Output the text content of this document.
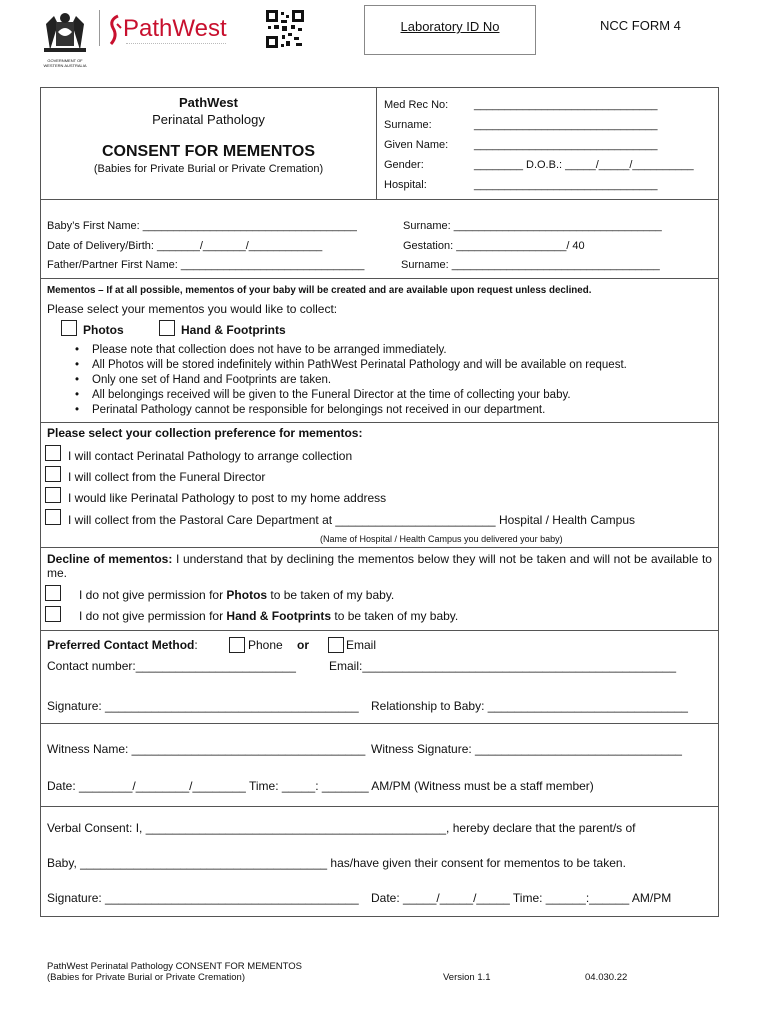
GOVERNMENT OF
WESTERN AUSTRALIA
PathWest	Laboratory ID No	NCC FORM 4
PathWest
Perinatal Pathology
CONSENT FOR MEMENTOS
(Babies for Private Burial or Private Cremation)
Med Rec No: ______________________________
Surname:	______________________________
Given Name: ______________________________
Gender:	________ D.O.B.: _____/_____/__________
Hospital:	______________________________
Baby’s First Name: ___________________________________	Surname: __________________________________
Date of Delivery/Birth: _______/_______/____________	Gestation: __________________/ 40
Father/Partner First Name: ______________________________	Surname: __________________________________
Mementos – If at all possible, mementos of your baby will be created and are available upon request unless declined.
Please select your mementos you would like to collect:
Photos	Hand & Footprints
• Please note that collection does not have to be arranged immediately.
• All Photos will be stored indefinitely within PathWest Perinatal Pathology and will be available on request.
• Only one set of Hand and Footprints are taken.
• All belongings received will be given to the Funeral Director at the time of collecting your baby.
• Perinatal Pathology cannot be responsible for belongings not received in our department.
Please select your collection preference for mementos:
I will contact Perinatal Pathology to arrange collection
I will collect from the Funeral Director
I would like Perinatal Pathology to post to my home address
I will collect from the Pastoral Care Department at ________________________ Hospital / Health Campus
(Name of Hospital / Health Campus you delivered your baby)
Decline of mementos: I understand that by declining the mementos below they will not be taken and will not be available to me.
I do not give permission for Photos to be taken of my baby.
I do not give permission for Hand & Footprints to be taken of my baby.
Preferred Contact Method:	Phone or	Email
Contact number:________________________	Email:_______________________________________________
Signature: ______________________________________ Relationship to Baby: ______________________________
Witness Name: ___________________________________ Witness Signature: _______________________________
Date: ________/________/________ Time: _____: _______ AM/PM (Witness must be a staff member)
Verbal Consent: I, _____________________________________________, hereby declare that the parent/s of
Baby, _____________________________________ has/have given their consent for mementos to be taken.
Signature: ______________________________________ Date: _____/_____/_____ Time: ______:______ AM/PM
PathWest Perinatal Pathology CONSENT FOR MEMENTOS
(Babies for Private Burial or Private Cremation)	Version 1.1	04.030.22
